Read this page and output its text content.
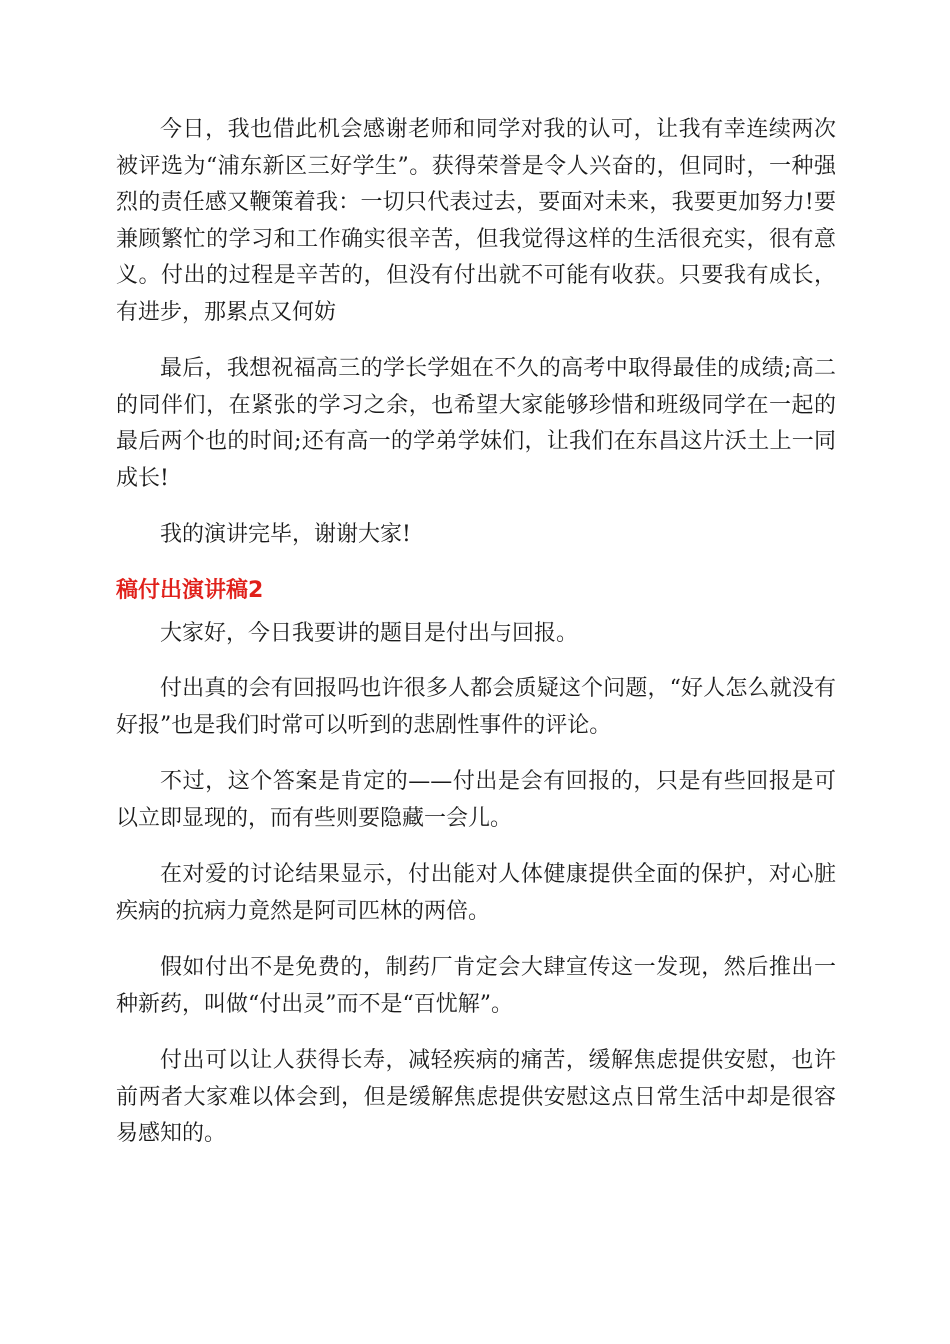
今日，我也借此机会感谢老师和同学对我的认可，让我有幸连续两次被评选为“浦东新区三好学生”。获得荣誉是令人兴奋的，但同时，一种强烈的责任感又鞭策着我：一切只代表过去，要面对未来，我要更加努力!要兼顾繁忙的学习和工作确实很辛苦，但我觉得这样的生活很充实，很有意义。付出的过程是辛苦的，但没有付出就不可能有收获。只要我有成长，有进步，那累点又何妨

最后，我想祝福高三的学长学姐在不久的高考中取得最佳的成绩;高二的同伴们，在紧张的学习之余，也希望大家能够珍惜和班级同学在一起的最后两个也的时间;还有高一的学弟学妹们，让我们在东昌这片沃土上一同成长!

我的演讲完毕，谢谢大家!

稿付出演讲稿2

大家好，今日我要讲的题目是付出与回报。

付出真的会有回报吗也许很多人都会质疑这个问题，“好人怎么就没有好报”也是我们时常可以听到的悲剧性事件的评论。

不过，这个答案是肯定的——付出是会有回报的，只是有些回报是可以立即显现的，而有些则要隐藏一会儿。

在对爱的讨论结果显示，付出能对人体健康提供全面的保护，对心脏疾病的抗病力竟然是阿司匹林的两倍。

假如付出不是免费的，制药厂肯定会大肆宣传这一发现，然后推出一种新药，叫做“付出灵”而不是“百忧解”。

付出可以让人获得长寿，减轻疾病的痛苦，缓解焦虑提供安慰，也许前两者大家难以体会到，但是缓解焦虑提供安慰这点日常生活中却是很容易感知的。
